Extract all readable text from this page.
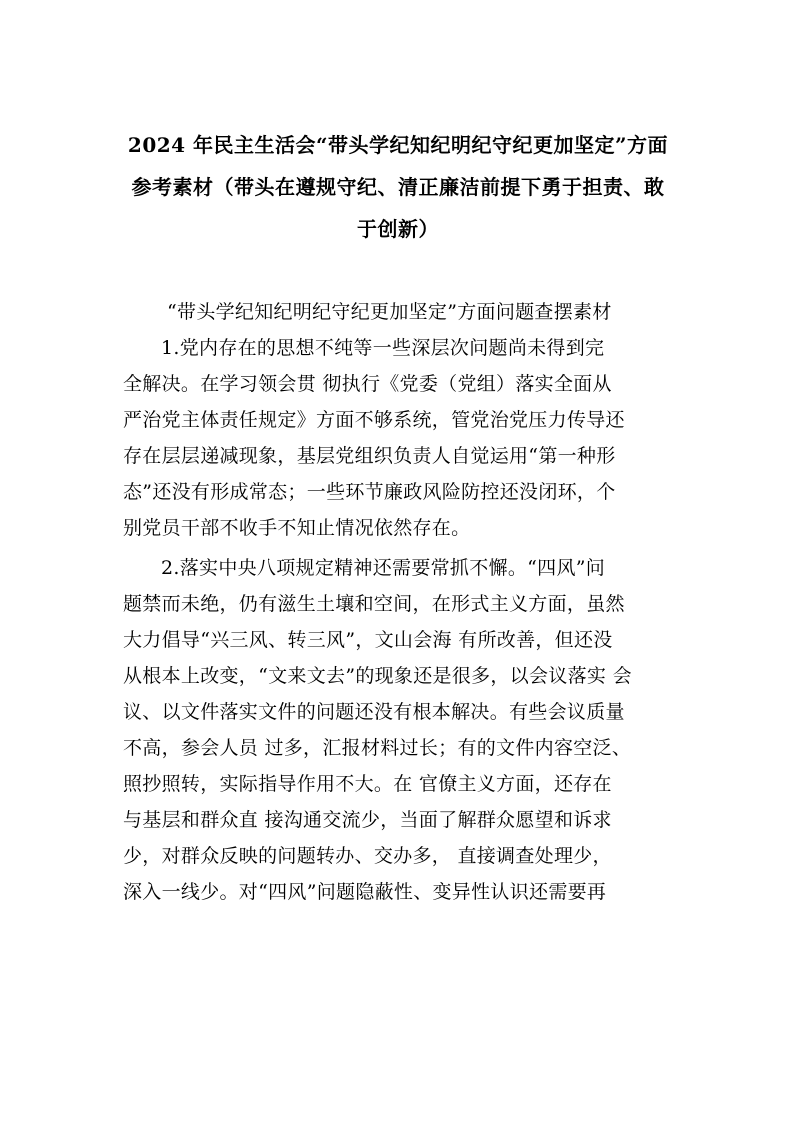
2024 年民主生活会“带头学纪知纪明纪守纪更加坚定”方面
参考素材（带头在遵规守纪、清正廉洁前提下勇于担责、敢
于创新）

“带头学纪知纪明纪守纪更加坚定”方面问题查摆素材

1.党内存在的思想不纯等一些深层次问题尚未得到完
全解决。在学习领会贯 彻执行《党委（党组）落实全面从
严治党主体责任规定》方面不够系统，管党治党压力传导还
存在层层递减现象，基层党组织负责人自觉运用“第一种形
态”还没有形成常态；一些环节廉政风险防控还没闭环，个
别党员干部不收手不知止情况依然存在。

2.落实中央八项规定精神还需要常抓不懈。“四风”问
题禁而未绝，仍有滋生土壤和空间，在形式主义方面，虽然
大力倡导“兴三风、转三风”，文山会海 有所改善，但还没
从根本上改变，“文来文去”的现象还是很多，以会议落实 会
议、以文件落实文件的问题还没有根本解决。有些会议质量
不高，参会人员 过多，汇报材料过长；有的文件内容空泛、
照抄照转，实际指导作用不大。在 官僚主义方面，还存在
与基层和群众直 接沟通交流少，当面了解群众愿望和诉求
少，对群众反映的问题转办、交办多， 直接调查处理少，
深入一线少。对“四风”问题隐蔽性、变异性认识还需要再
